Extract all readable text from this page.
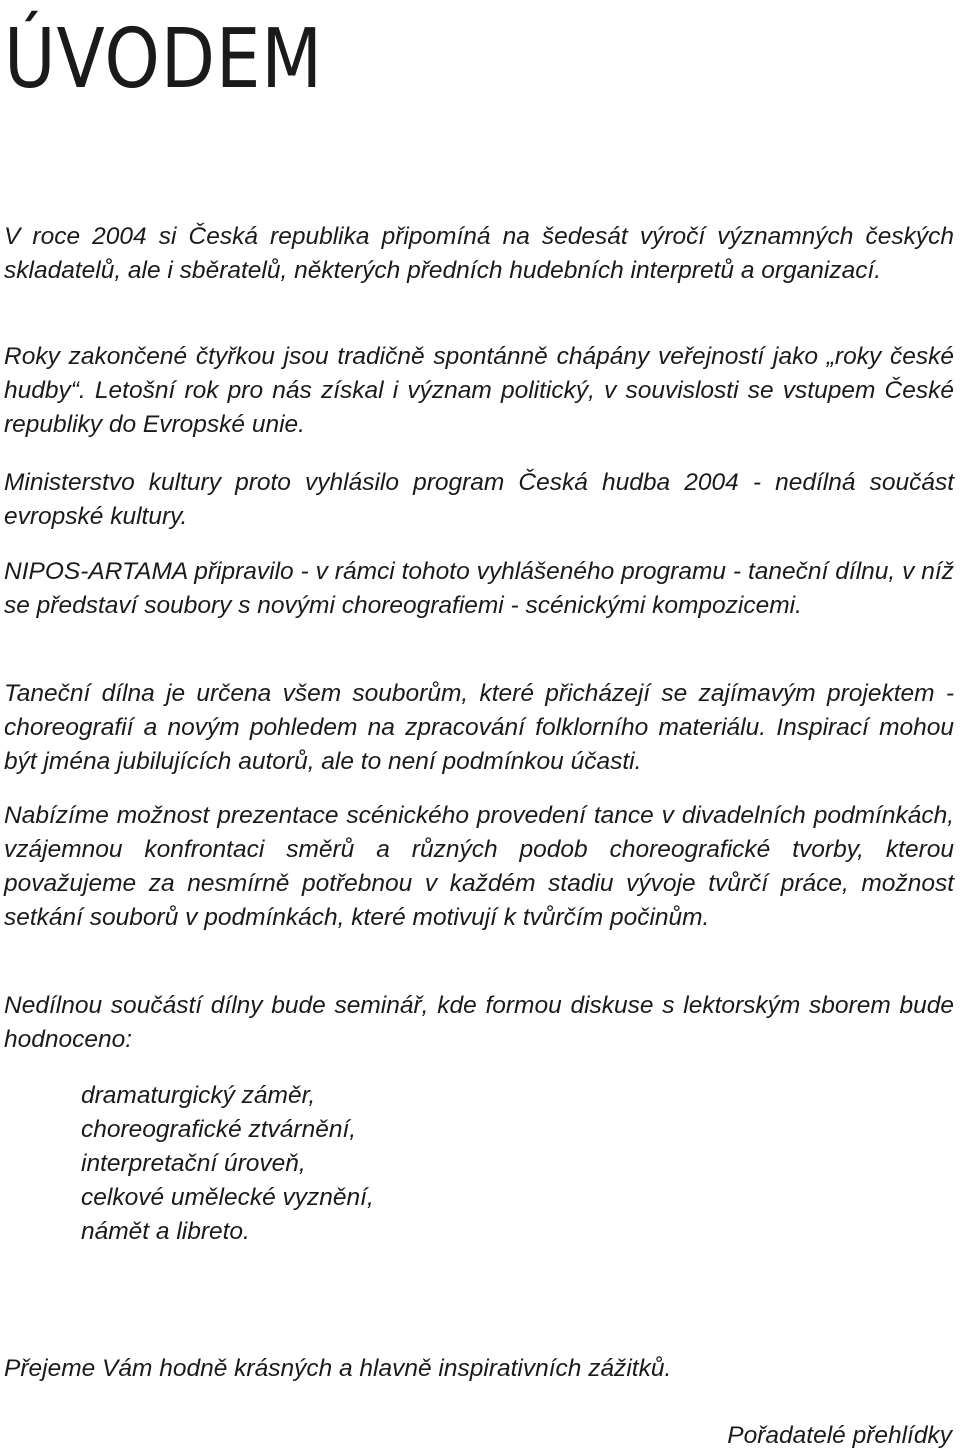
ÚVODEM

V roce 2004 si Česká republika připomíná na šedesát výročí významných českých skladatelů, ale i sběratelů, některých předních hudebních interpretů a organizací.

Roky zakončené čtyřkou jsou tradičně spontánně chápány veřejností jako „roky české hudby“. Letošní rok pro nás získal i význam politický, v souvislosti se vstupem České republiky do Evropské unie.

Ministerstvo kultury proto vyhlásilo program Česká hudba 2004 - nedílná součást evropské kultury.

NIPOS-ARTAMA připravilo - v rámci tohoto vyhlášeného programu - taneční dílnu, v níž se představí soubory s novými choreografiemi - scénickými kompozicemi.

Taneční dílna je určena všem souborům, které přicházejí se zajímavým projektem - choreografií a novým pohledem na zpracování folklorního materiálu. Inspirací mohou být jména jubilujících autorů, ale to není podmínkou účasti.

Nabízíme možnost prezentace scénického provedení tance v divadelních podmínkách, vzájemnou konfrontaci směrů a různých podob choreografické tvorby, kterou považujeme za nesmírně potřebnou v každém stadiu vývoje tvůrčí práce, možnost setkání souborů v podmínkách, které motivují k tvůrčím počinům.

Nedílnou součástí dílny bude seminář, kde formou diskuse s lektorským sborem bude hodnoceno:

dramaturgický záměr,
choreografické ztvárnění,
interpretační úroveň,
celkové umělecké vyznění,
námět a libreto.

Přejeme Vám hodně krásných a hlavně inspirativních zážitků.

Pořadatelé přehlídky
